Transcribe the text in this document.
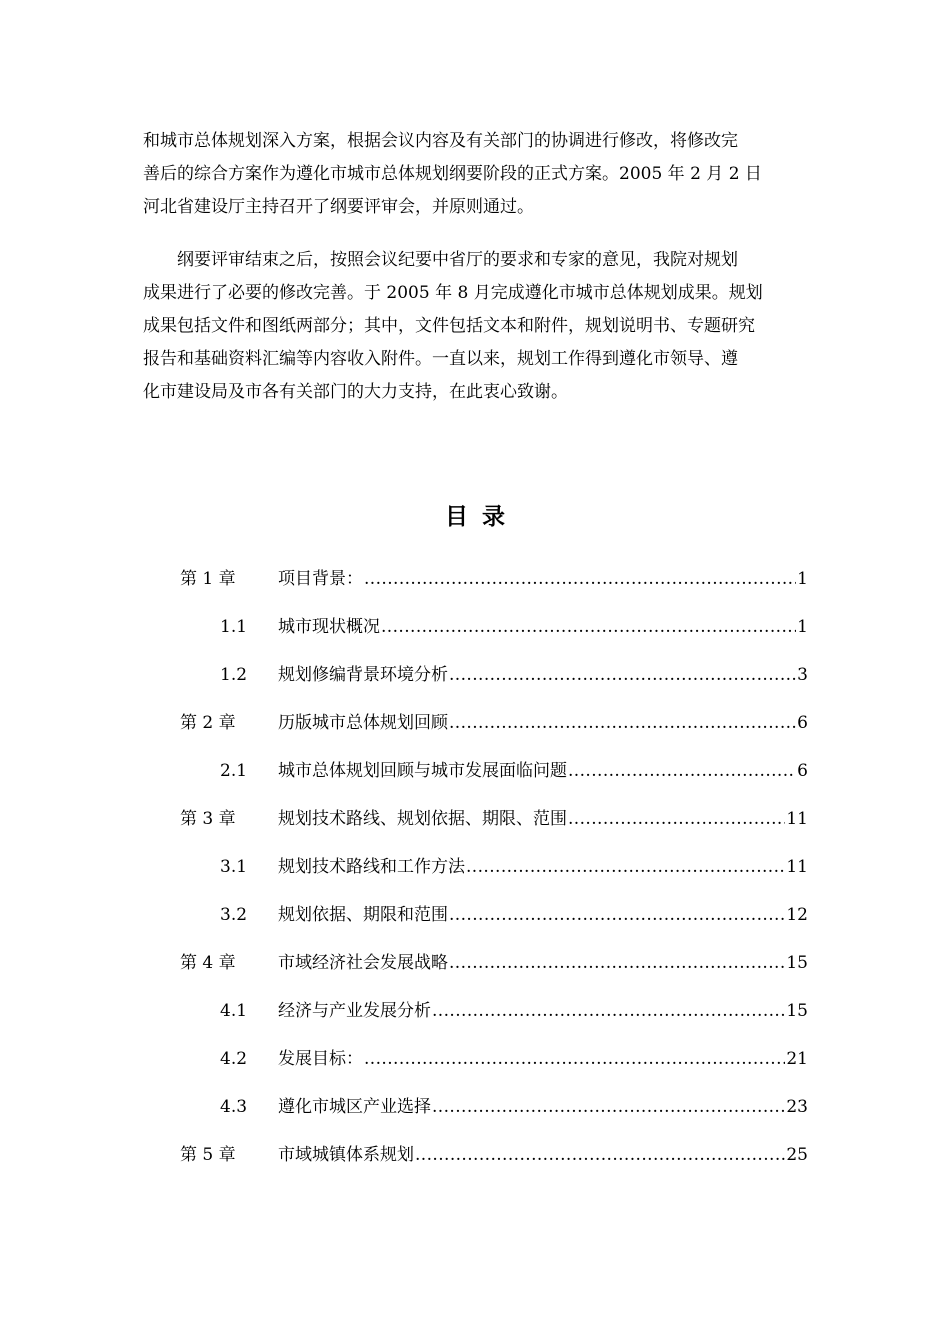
和城市总体规划深入方案，根据会议内容及有关部门的协调进行修改，将修改完

善后的综合方案作为遵化市城市总体规划纲要阶段的正式方案。2005 年 2 月 2 日

河北省建设厅主持召开了纲要评审会，并原则通过。

　　纲要评审结束之后，按照会议纪要中省厅的要求和专家的意见，我院对规划

成果进行了必要的修改完善。于 2005 年 8 月完成遵化市城市总体规划成果。规划

成果包括文件和图纸两部分；其中，文件包括文本和附件，规划说明书、专题研究

报告和基础资料汇编等内容收入附件。一直以来，规划工作得到遵化市领导、遵

化市建设局及市各有关部门的大力支持，在此衷心致谢。

目录
第 1 章 项目背景： .....	1
1.1 城市现状概况 .....	1
1.2 规划修编背景环境分析 .....	3
第 2 章 历版城市总体规划回顾 .....	6
2.1 城市总体规划回顾与城市发展面临问题 .....	6
第 3 章 规划技术路线、规划依据、期限、范围 .....	11
3.1 规划技术路线和工作方法 .....	11
3.2 规划依据、期限和范围 .....	12
第 4 章 市域经济社会发展战略 .....	15
4.1 经济与产业发展分析 .....	15
4.2 发展目标： .....	21
4.3 遵化市城区产业选择 .....	23
第 5 章 市域城镇体系规划 .....	25
